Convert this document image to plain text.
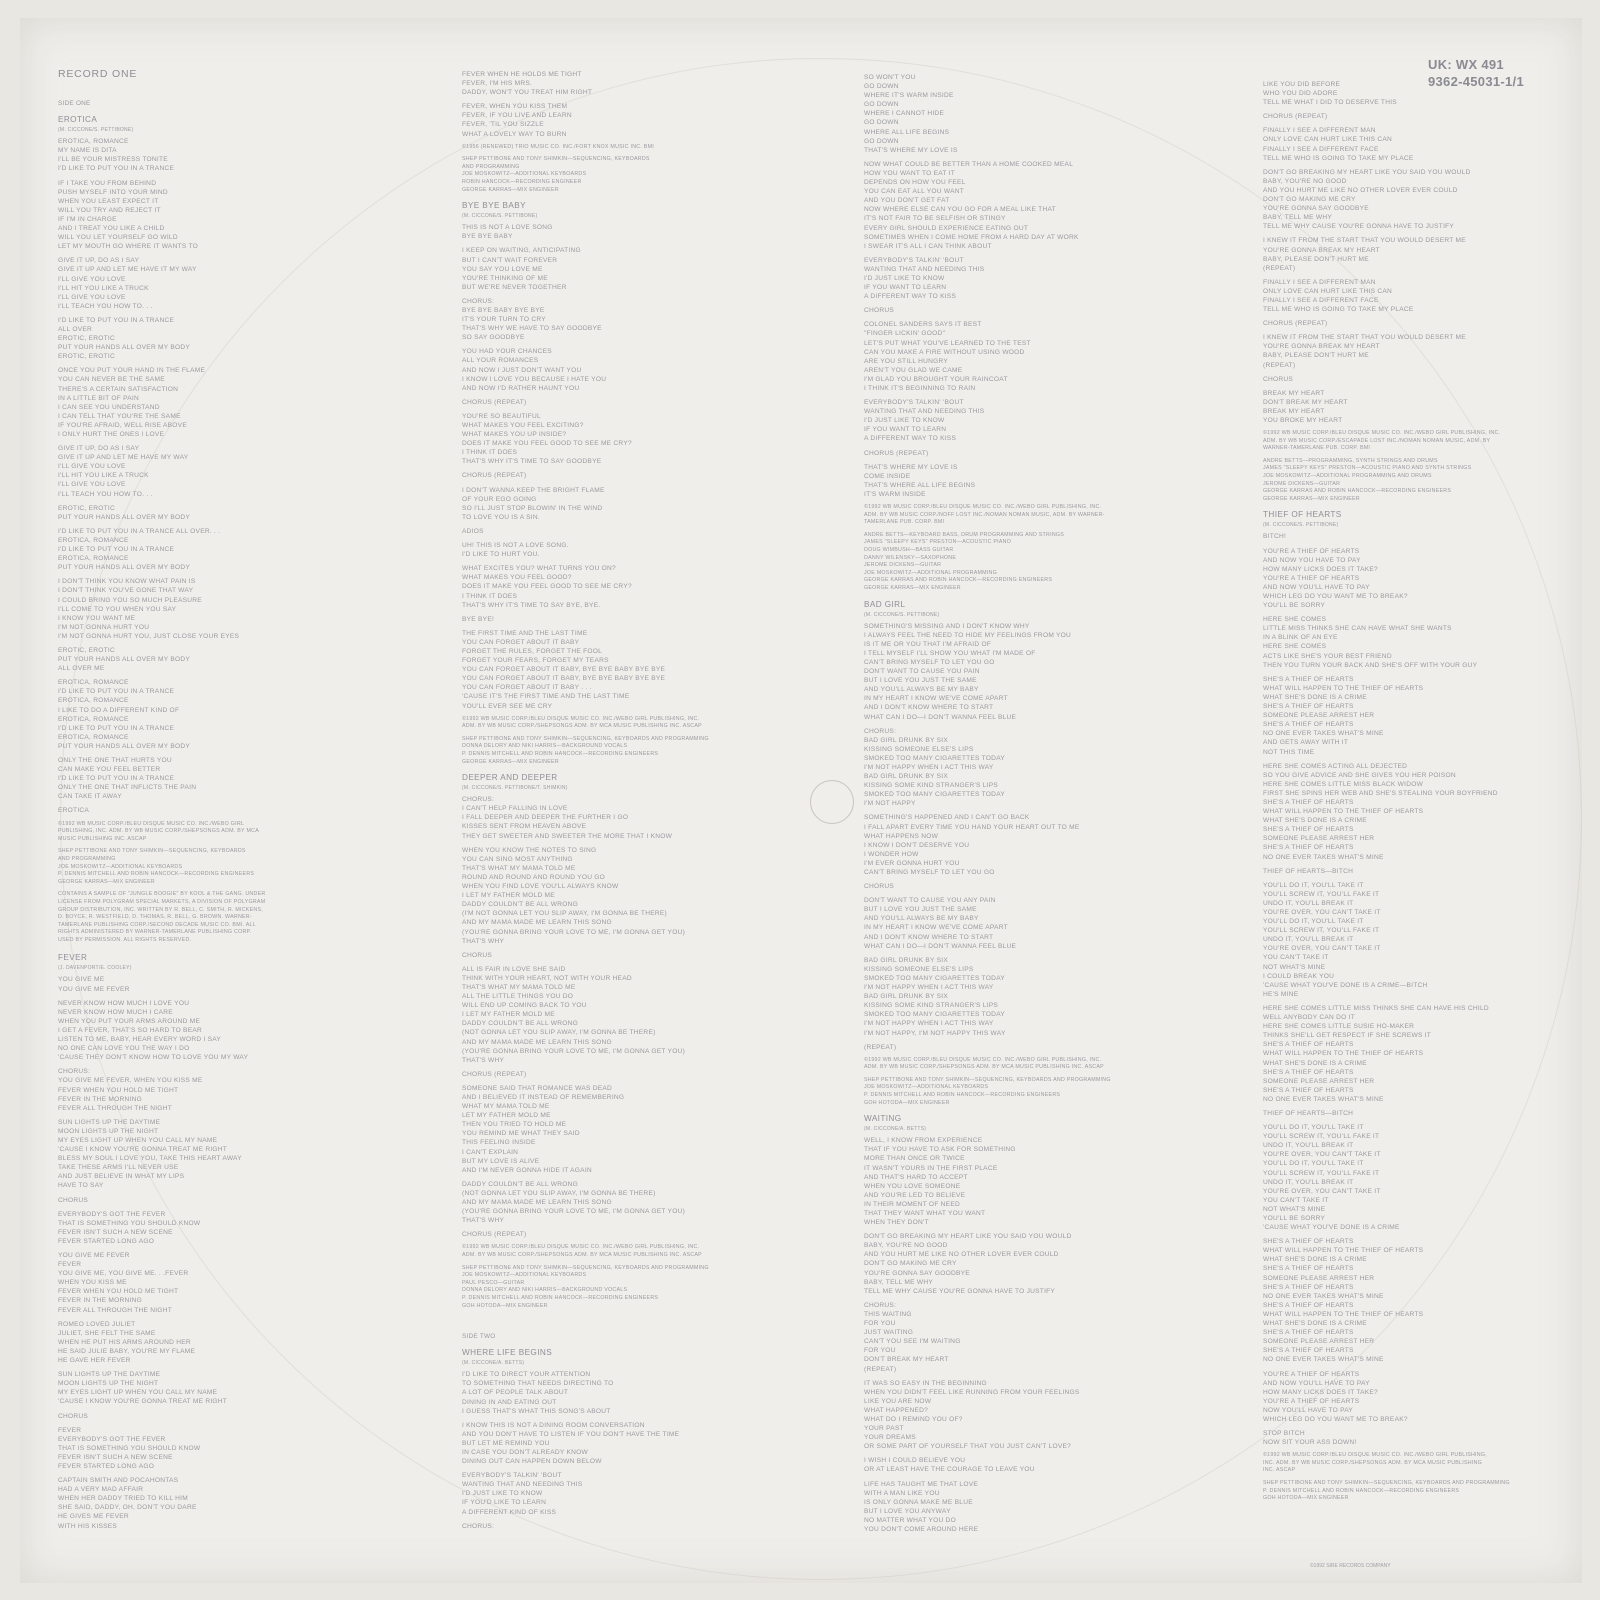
UK: WX 491
9362-45031-1/1
RECORD ONE
SIDE ONE
EROTICA
(M. CICCONE/S. PETTIBONE)

EROTICA, ROMANCE
MY NAME IS DITA
I'LL BE YOUR MISTRESS TONITE
I'D LIKE TO PUT YOU IN A TRANCE

IF I TAKE YOU FROM BEHIND
PUSH MYSELF INTO YOUR MIND
WHEN YOU LEAST EXPECT IT
WILL YOU TRY AND REJECT IT
IF I'M IN CHARGE
AND I TREAT YOU LIKE A CHILD
WILL YOU LET YOURSELF GO WILD
LET MY MOUTH GO WHERE IT WANTS TO

GIVE IT UP, DO AS I SAY
GIVE IT UP AND LET ME HAVE IT MY WAY
I'LL GIVE YOU LOVE
I'LL HIT YOU LIKE A TRUCK
I'LL GIVE YOU LOVE
I'LL TEACH YOU HOW TO. . .

I'D LIKE TO PUT YOU IN A TRANCE
ALL OVER
EROTIC, EROTIC
PUT YOUR HANDS ALL OVER MY BODY
EROTIC, EROTIC

ONCE YOU PUT YOUR HAND IN THE FLAME
YOU CAN NEVER BE THE SAME
THERE'S A CERTAIN SATISFACTION
IN A LITTLE BIT OF PAIN
I CAN SEE YOU UNDERSTAND
I CAN TELL THAT YOU'RE THE SAME
IF YOU'RE AFRAID, WELL RISE ABOVE
I ONLY HURT THE ONES I LOVE

GIVE IT UP, DO AS I SAY
GIVE IT UP AND LET ME HAVE MY WAY
I'LL GIVE YOU LOVE
I'LL HIT YOU LIKE A TRUCK
I'LL GIVE YOU LOVE
I'LL TEACH YOU HOW TO. . .

EROTIC, EROTIC
PUT YOUR HANDS ALL OVER MY BODY

I'D LIKE TO PUT YOU IN A TRANCE ALL OVER. . .
EROTICA, ROMANCE
I'D LIKE TO PUT YOU IN A TRANCE
EROTICA, ROMANCE
PUT YOUR HANDS ALL OVER MY BODY

I DON'T THINK YOU KNOW WHAT PAIN IS
I DON'T THINK YOU'VE GONE THAT WAY
I COULD BRING YOU SO MUCH PLEASURE
I'LL COME TO YOU WHEN YOU SAY
I KNOW YOU WANT ME
I'M NOT GONNA HURT YOU
I'M NOT GONNA HURT YOU, JUST CLOSE YOUR EYES

EROTIC, EROTIC
PUT YOUR HANDS ALL OVER MY BODY
ALL OVER ME

EROTICA, ROMANCE
I'D LIKE TO PUT YOU IN A TRANCE
EROTICA, ROMANCE
I LIKE TO DO A DIFFERENT KIND OF
EROTICA, ROMANCE
I'D LIKE TO PUT YOU IN A TRANCE
EROTICA, ROMANCE
PUT YOUR HANDS ALL OVER MY BODY

ONLY THE ONE THAT HURTS YOU
CAN MAKE YOU FEEL BETTER
I'D LIKE TO PUT YOU IN A TRANCE
ONLY THE ONE THAT INFLICTS THE PAIN
CAN TAKE IT AWAY

EROTICA

©1992 WB MUSIC CORP./BLEU DISQUE MUSIC CO. INC./WEBO GIRL
PUBLISHING, INC. ADM. BY WB MUSIC CORP./SHEPSONGS ADM. BY MCA
MUSIC PUBLISHING INC. ASCAP

SHEP PETTIBONE AND TONY SHIMKIN—SEQUENCING, KEYBOARDS
AND PROGRAMMING
JOE MOSKOWITZ—ADDITIONAL KEYBOARDS
P. DENNIS MITCHELL AND ROBIN HANCOCK—RECORDING ENGINEERS
GEORGE KARRAS—MIX ENGINEER

CONTAINS A SAMPLE OF "JUNGLE BOOGIE" BY KOOL & THE GANG. UNDER
LICENSE FROM POLYGRAM SPECIAL MARKETS, A DIVISION OF POLYGRAM
GROUP DISTRIBUTION, INC. WRITTEN BY R. BELL, C. SMITH, R. MICKENS,
D. BOYCE, R. WESTFIELD, D. THOMAS, R. BELL, G. BROWN. WARNER-
TAMERLANE PUBLISHING CORP./SECOND DECADE MUSIC CO. BMI. ALL
RIGHTS ADMINISTERED BY WARNER-TAMERLANE PUBLISHING CORP.
USED BY PERMISSION. ALL RIGHTS RESERVED.

FEVER
(J. DAVENPORT/E. COOLEY)

YOU GIVE ME
YOU GIVE ME FEVER

NEVER KNOW HOW MUCH I LOVE YOU
NEVER KNOW HOW MUCH I CARE
WHEN YOU PUT YOUR ARMS AROUND ME
I GET A FEVER, THAT'S SO HARD TO BEAR
LISTEN TO ME, BABY, HEAR EVERY WORD I SAY
NO ONE CAN LOVE YOU THE WAY I DO
'CAUSE THEY DON'T KNOW HOW TO LOVE YOU MY WAY

CHORUS:
YOU GIVE ME FEVER, WHEN YOU KISS ME
FEVER WHEN YOU HOLD ME TIGHT
FEVER IN THE MORNING
FEVER ALL THROUGH THE NIGHT

SUN LIGHTS UP THE DAYTIME
MOON LIGHTS UP THE NIGHT
MY EYES LIGHT UP WHEN YOU CALL MY NAME
'CAUSE I KNOW YOU'RE GONNA TREAT ME RIGHT
BLESS MY SOUL I LOVE YOU, TAKE THIS HEART AWAY
TAKE THESE ARMS I'LL NEVER USE
AND JUST BELIEVE IN WHAT MY LIPS
HAVE TO SAY

CHORUS

EVERYBODY'S GOT THE FEVER
THAT IS SOMETHING YOU SHOULD KNOW
FEVER ISN'T SUCH A NEW SCENE
FEVER STARTED LONG AGO

YOU GIVE ME FEVER
FEVER
YOU GIVE ME, YOU GIVE ME. . .FEVER
WHEN YOU KISS ME
FEVER WHEN YOU HOLD ME TIGHT
FEVER IN THE MORNING
FEVER ALL THROUGH THE NIGHT

ROMEO LOVED JULIET
JULIET, SHE FELT THE SAME
WHEN HE PUT HIS ARMS AROUND HER
HE SAID JULIE BABY, YOU'RE MY FLAME
HE GAVE HER FEVER

SUN LIGHTS UP THE DAYTIME
MOON LIGHTS UP THE NIGHT
MY EYES LIGHT UP WHEN YOU CALL MY NAME
'CAUSE I KNOW YOU'RE GONNA TREAT ME RIGHT

CHORUS

FEVER
EVERYBODY'S GOT THE FEVER
THAT IS SOMETHING YOU SHOULD KNOW
FEVER ISN'T SUCH A NEW SCENE
FEVER STARTED LONG AGO

CAPTAIN SMITH AND POCAHONTAS
HAD A VERY MAD AFFAIR
WHEN HER DADDY TRIED TO KILL HIM
SHE SAID, DADDY, OH, DON'T YOU DARE
HE GIVES ME FEVER
WITH HIS KISSES

FEVER WHEN HE HOLDS ME TIGHT
FEVER, I'M HIS MRS.
DADDY, WON'T YOU TREAT HIM RIGHT

FEVER, WHEN YOU KISS THEM
FEVER, IF YOU LIVE AND LEARN
FEVER, 'TIL YOU SIZZLE
WHAT A LOVELY WAY TO BURN

©1956 (RENEWED) TRIO MUSIC CO. INC./FORT KNOX MUSIC INC. BMI

SHEP PETTIBONE AND TONY SHIMKIN—SEQUENCING, KEYBOARDS
AND PROGRAMMING
JOE MOSKOWITZ—ADDITIONAL KEYBOARDS
ROBIN HANCOCK—RECORDING ENGINEER
GEORGE KARRAS—MIX ENGINEER

BYE BYE BABY
(M. CICCONE/S. PETTIBONE)

THIS IS NOT A LOVE SONG
BYE BYE BABY

I KEEP ON WAITING, ANTICIPATING
BUT I CAN'T WAIT FOREVER
YOU SAY YOU LOVE ME
YOU'RE THINKING OF ME
BUT WE'RE NEVER TOGETHER

CHORUS:
BYE BYE BABY BYE BYE
IT'S YOUR TURN TO CRY
THAT'S WHY WE HAVE TO SAY GOODBYE
SO SAY GOODBYE

YOU HAD YOUR CHANCES
ALL YOUR ROMANCES
AND NOW I JUST DON'T WANT YOU
I KNOW I LOVE YOU BECAUSE I HATE YOU
AND NOW I'D RATHER HAUNT YOU

CHORUS (REPEAT)

YOU'RE SO BEAUTIFUL
WHAT MAKES YOU FEEL EXCITING?
WHAT MAKES YOU UP INSIDE?
DOES IT MAKE YOU FEEL GOOD TO SEE ME CRY?
I THINK IT DOES
THAT'S WHY IT'S TIME TO SAY GOODBYE

CHORUS (REPEAT)

I DON'T WANNA KEEP THE BRIGHT FLAME
OF YOUR EGO GOING
SO I'LL JUST STOP BLOWIN' IN THE WIND
TO LOVE YOU IS A SIN.

ADIOS

UH! THIS IS NOT A LOVE SONG.
I'D LIKE TO HURT YOU.

WHAT EXCITES YOU? WHAT TURNS YOU ON?
WHAT MAKES YOU FEEL GOOD?
DOES IT MAKE YOU FEEL GOOD TO SEE ME CRY?
I THINK IT DOES
THAT'S WHY IT'S TIME TO SAY BYE, BYE.

BYE BYE!

THE FIRST TIME AND THE LAST TIME
YOU CAN FORGET ABOUT IT BABY
FORGET THE RULES, FORGET THE FOOL
FORGET YOUR FEARS, FORGET MY TEARS
YOU CAN FORGET ABOUT IT BABY, BYE BYE BABY BYE BYE
YOU CAN FORGET ABOUT IT BABY, BYE BYE BABY BYE BYE
YOU CAN FORGET ABOUT IT BABY . . .
'CAUSE IT'S THE FIRST TIME AND THE LAST TIME
YOU'LL EVER SEE ME CRY

©1992 WB MUSIC CORP./BLEU DISQUE MUSIC CO. INC./WEBO GIRL PUBLISHING, INC.
ADM. BY WB MUSIC CORP./SHEPSONGS ADM. BY MCA MUSIC PUBLISHING INC. ASCAP

SHEP PETTIBONE AND TONY SHIMKIN—SEQUENCING, KEYBOARDS AND PROGRAMMING
DONNA DELORY AND NIKI HARRIS—BACKGROUND VOCALS
P. DENNIS MITCHELL AND ROBIN HANCOCK—RECORDING ENGINEERS
GEORGE KARRAS—MIX ENGINEER

DEEPER AND DEEPER
(M. CICCONE/S. PETTIBONE/T. SHIMKIN)

CHORUS:
I CAN'T HELP FALLING IN LOVE
I FALL DEEPER AND DEEPER THE FURTHER I GO
KISSES SENT FROM HEAVEN ABOVE
THEY GET SWEETER AND SWEETER THE MORE THAT I KNOW

WHEN YOU KNOW THE NOTES TO SING
YOU CAN SING MOST ANYTHING
THAT'S WHAT MY MAMA TOLD ME
ROUND AND ROUND AND ROUND YOU GO
WHEN YOU FIND LOVE YOU'LL ALWAYS KNOW
I LET MY FATHER MOLD ME
DADDY COULDN'T BE ALL WRONG
(I'M NOT GONNA LET YOU SLIP AWAY, I'M GONNA BE THERE)
AND MY MAMA MADE ME LEARN THIS SONG
(YOU'RE GONNA BRING YOUR LOVE TO ME, I'M GONNA GET YOU)
THAT'S WHY

CHORUS

ALL IS FAIR IN LOVE SHE SAID
THINK WITH YOUR HEART, NOT WITH YOUR HEAD
THAT'S WHAT MY MAMA TOLD ME
ALL THE LITTLE THINGS YOU DO
WILL END UP COMING BACK TO YOU
I LET MY FATHER MOLD ME
DADDY COULDN'T BE ALL WRONG
(NOT GONNA LET YOU SLIP AWAY, I'M GONNA BE THERE)
AND MY MAMA MADE ME LEARN THIS SONG
(YOU'RE GONNA BRING YOUR LOVE TO ME, I'M GONNA GET YOU)
THAT'S WHY

CHORUS (REPEAT)

SOMEONE SAID THAT ROMANCE WAS DEAD
AND I BELIEVED IT INSTEAD OF REMEMBERING
WHAT MY MAMA TOLD ME
LET MY FATHER MOLD ME
THEN YOU TRIED TO HOLD ME
YOU REMIND ME WHAT THEY SAID
THIS FEELING INSIDE
I CAN'T EXPLAIN
BUT MY LOVE IS ALIVE
AND I'M NEVER GONNA HIDE IT AGAIN

DADDY COULDN'T BE ALL WRONG
(NOT GONNA LET YOU SLIP AWAY, I'M GONNA BE THERE)
AND MY MAMA MADE ME LEARN THIS SONG
(YOU'RE GONNA BRING YOUR LOVE TO ME, I'M GONNA GET YOU)
THAT'S WHY

CHORUS (REPEAT)

©1992 WB MUSIC CORP./BLEU DISQUE MUSIC CO. INC./WEBO GIRL PUBLISHING, INC.
ADM. BY WB MUSIC CORP./SHEPSONGS ADM. BY MCA MUSIC PUBLISHING INC. ASCAP

SHEP PETTIBONE AND TONY SHIMKIN—SEQUENCING, KEYBOARDS AND PROGRAMMING
JOE MOSKOWITZ—ADDITIONAL KEYBOARDS
PAUL PESCO—GUITAR
DONNA DELORY AND NIKI HARRIS—BACKGROUND VOCALS
P. DENNIS MITCHELL AND ROBIN HANCOCK—RECORDING ENGINEERS
GOH HOTODA—MIX ENGINEER

SIDE TWO
WHERE LIFE BEGINS
(M. CICCONE/A. BETTS)

I'D LIKE TO DIRECT YOUR ATTENTION
TO SOMETHING THAT NEEDS DIRECTING TO
A LOT OF PEOPLE TALK ABOUT
DINING IN AND EATING OUT
I GUESS THAT'S WHAT THIS SONG'S ABOUT

I KNOW THIS IS NOT A DINING ROOM CONVERSATION
AND YOU DON'T HAVE TO LISTEN IF YOU DON'T HAVE THE TIME
BUT LET ME REMIND YOU
IN CASE YOU DON'T ALREADY KNOW
DINING OUT CAN HAPPEN DOWN BELOW

EVERYBODY'S TALKIN' 'BOUT
WANTING THAT AND NEEDING THIS
I'D JUST LIKE TO KNOW
IF YOU'D LIKE TO LEARN
A DIFFERENT KIND OF KISS

CHORUS:

SO WON'T YOU
GO DOWN
WHERE IT'S WARM INSIDE
GO DOWN
WHERE I CANNOT HIDE
GO DOWN
WHERE ALL LIFE BEGINS
GO DOWN
THAT'S WHERE MY LOVE IS

NOW WHAT COULD BE BETTER THAN A HOME COOKED MEAL
HOW YOU WANT TO EAT IT
DEPENDS ON HOW YOU FEEL
YOU CAN EAT ALL YOU WANT
AND YOU DON'T GET FAT
NOW WHERE ELSE CAN YOU GO FOR A MEAL LIKE THAT
IT'S NOT FAIR TO BE SELFISH OR STINGY
EVERY GIRL SHOULD EXPERIENCE EATING OUT
SOMETIMES WHEN I COME HOME FROM A HARD DAY AT WORK
I SWEAR IT'S ALL I CAN THINK ABOUT

EVERYBODY'S TALKIN' 'BOUT
WANTING THAT AND NEEDING THIS
I'D JUST LIKE TO KNOW
IF YOU WANT TO LEARN
A DIFFERENT WAY TO KISS

CHORUS

COLONEL SANDERS SAYS IT BEST
"FINGER LICKIN' GOOD"
LET'S PUT WHAT YOU'VE LEARNED TO THE TEST
CAN YOU MAKE A FIRE WITHOUT USING WOOD
ARE YOU STILL HUNGRY
AREN'T YOU GLAD WE CAME
I'M GLAD YOU BROUGHT YOUR RAINCOAT
I THINK IT'S BEGINNING TO RAIN

EVERYBODY'S TALKIN' 'BOUT
WANTING THAT AND NEEDING THIS
I'D JUST LIKE TO KNOW
IF YOU WANT TO LEARN
A DIFFERENT WAY TO KISS

CHORUS (REPEAT)

THAT'S WHERE MY LOVE IS
COME INSIDE
THAT'S WHERE ALL LIFE BEGINS
IT'S WARM INSIDE

©1992 WB MUSIC CORP./BLEU DISQUE MUSIC CO. INC./WEBO GIRL PUBLISHING, INC.
ADM. BY WB MUSIC CORP./NOFF LOST INC./NOMAN NOMAN MUSIC, ADM. BY WARNER-
TAMERLANE PUB. CORP. BMI

ANDRE BETTS—KEYBOARD BASS, DRUM PROGRAMMING AND STRINGS
JAMES "SLEEPY KEYS" PRESTON—ACOUSTIC PIANO
DOUG WIMBUSH—BASS GUITAR
DANNY WILENSKY—SAXOPHONE
JEROME DICKENS—GUITAR
JOE MOSKOWITZ—ADDITIONAL PROGRAMMING
GEORGE KARRAS AND ROBIN HANCOCK—RECORDING ENGINEERS
GEORGE KARRAS—MIX ENGINEER

BAD GIRL
(M. CICCONE/S. PETTIBONE)

SOMETHING'S MISSING AND I DON'T KNOW WHY
I ALWAYS FEEL THE NEED TO HIDE MY FEELINGS FROM YOU
IS IT ME OR YOU THAT I'M AFRAID OF
I TELL MYSELF I'LL SHOW YOU WHAT I'M MADE OF
CAN'T BRING MYSELF TO LET YOU GO
DON'T WANT TO CAUSE YOU PAIN
BUT I LOVE YOU JUST THE SAME
AND YOU'LL ALWAYS BE MY BABY
IN MY HEART I KNOW WE'VE COME APART
AND I DON'T KNOW WHERE TO START
WHAT CAN I DO—I DON'T WANNA FEEL BLUE

CHORUS:
BAD GIRL DRUNK BY SIX
KISSING SOMEONE ELSE'S LIPS
SMOKED TOO MANY CIGARETTES TODAY
I'M NOT HAPPY WHEN I ACT THIS WAY
BAD GIRL DRUNK BY SIX
KISSING SOME KIND STRANGER'S LIPS
SMOKED TOO MANY CIGARETTES TODAY
I'M NOT HAPPY

SOMETHING'S HAPPENED AND I CAN'T GO BACK
I FALL APART EVERY TIME YOU HAND YOUR HEART OUT TO ME
WHAT HAPPENS NOW
I KNOW I DON'T DESERVE YOU
I WONDER HOW
I'M EVER GONNA HURT YOU
CAN'T BRING MYSELF TO LET YOU GO

CHORUS

DON'T WANT TO CAUSE YOU ANY PAIN
BUT I LOVE YOU JUST THE SAME
AND YOU'LL ALWAYS BE MY BABY
IN MY HEART I KNOW WE'VE COME APART
AND I DON'T KNOW WHERE TO START
WHAT CAN I DO—I DON'T WANNA FEEL BLUE

BAD GIRL DRUNK BY SIX
KISSING SOMEONE ELSE'S LIPS
SMOKED TOO MANY CIGARETTES TODAY
I'M NOT HAPPY WHEN I ACT THIS WAY
BAD GIRL DRUNK BY SIX
KISSING SOME KIND STRANGER'S LIPS
SMOKED TOO MANY CIGARETTES TODAY
I'M NOT HAPPY WHEN I ACT THIS WAY
I'M NOT HAPPY, I'M NOT HAPPY THIS WAY

(REPEAT)

©1992 WB MUSIC CORP./BLEU DISQUE MUSIC CO. INC./WEBO GIRL PUBLISHING, INC.
ADM. BY WB MUSIC CORP./SHEPSONGS ADM. BY MCA MUSIC PUBLISHING INC. ASCAP

SHEP PETTIBONE AND TONY SHIMKIN—SEQUENCING, KEYBOARDS AND PROGRAMMING
JOE MOSKOWITZ—ADDITIONAL KEYBOARDS
P. DENNIS MITCHELL AND ROBIN HANCOCK—RECORDING ENGINEERS
GOH HOTODA—MIX ENGINEER

WAITING
(M. CICCONE/A. BETTS)

WELL, I KNOW FROM EXPERIENCE
THAT IF YOU HAVE TO ASK FOR SOMETHING
MORE THAN ONCE OR TWICE
IT WASN'T YOURS IN THE FIRST PLACE
AND THAT'S HARD TO ACCEPT
WHEN YOU LOVE SOMEONE
AND YOU'RE LED TO BELIEVE
IN THEIR MOMENT OF NEED
THAT THEY WANT WHAT YOU WANT
WHEN THEY DON'T

DON'T GO BREAKING MY HEART LIKE YOU SAID YOU WOULD
BABY, YOU'RE NO GOOD
AND YOU HURT ME LIKE NO OTHER LOVER EVER COULD
DON'T GO MAKING ME CRY
YOU'RE GONNA SAY GOODBYE
BABY, TELL ME WHY
TELL ME WHY CAUSE YOU'RE GONNA HAVE TO JUSTIFY

CHORUS:
THIS WAITING
FOR YOU
JUST WAITING
CAN'T YOU SEE I'M WAITING
FOR YOU
DON'T BREAK MY HEART
(REPEAT)

IT WAS SO EASY IN THE BEGINNING
WHEN YOU DIDN'T FEEL LIKE RUNNING FROM YOUR FEELINGS
LIKE YOU ARE NOW
WHAT HAPPENED?
WHAT DO I REMIND YOU OF?
YOUR PAST
YOUR DREAMS
OR SOME PART OF YOURSELF THAT YOU JUST CAN'T LOVE?

I WISH I COULD BELIEVE YOU
OR AT LEAST HAVE THE COURAGE TO LEAVE YOU

LIFE HAS TAUGHT ME THAT LOVE
WITH A MAN LIKE YOU
IS ONLY GONNA MAKE ME BLUE
BUT I LOVE YOU ANYWAY
NO MATTER WHAT YOU DO
YOU DON'T COME AROUND HERE

LIKE YOU DID BEFORE
WHO YOU DID ADORE
TELL ME WHAT I DID TO DESERVE THIS

CHORUS (REPEAT)

FINALLY I SEE A DIFFERENT MAN
ONLY LOVE CAN HURT LIKE THIS CAN
FINALLY I SEE A DIFFERENT FACE
TELL ME WHO IS GOING TO TAKE MY PLACE

DON'T GO BREAKING MY HEART LIKE YOU SAID YOU WOULD
BABY, YOU'RE NO GOOD
AND YOU HURT ME LIKE NO OTHER LOVER EVER COULD
DON'T GO MAKING ME CRY
YOU'RE GONNA SAY GOODBYE
BABY, TELL ME WHY
TELL ME WHY CAUSE YOU'RE GONNA HAVE TO JUSTIFY

I KNEW IT FROM THE START THAT YOU WOULD DESERT ME
YOU'RE GONNA BREAK MY HEART
BABY, PLEASE DON'T HURT ME
(REPEAT)

FINALLY I SEE A DIFFERENT MAN
ONLY LOVE CAN HURT LIKE THIS CAN
FINALLY I SEE A DIFFERENT FACE
TELL ME WHO IS GOING TO TAKE MY PLACE

CHORUS (REPEAT)

I KNEW IT FROM THE START THAT YOU WOULD DESERT ME
YOU'RE GONNA BREAK MY HEART
BABY, PLEASE DON'T HURT ME
(REPEAT)

CHORUS

BREAK MY HEART
DON'T BREAK MY HEART
BREAK MY HEART
YOU BROKE MY HEART

©1992 WB MUSIC CORP./BLEU DISQUE MUSIC CO. INC./WEBO GIRL PUBLISHING, INC.
ADM. BY WB MUSIC CORP./ESCAPADE LOST INC./NOMAN NOMAN MUSIC, ADM. BY
WARNER-TAMERLANE PUB. CORP. BMI

ANDRE BETTS—PROGRAMMING, SYNTH STRINGS AND DRUMS
JAMES "SLEEPY KEYS" PRESTON—ACOUSTIC PIANO AND SYNTH STRINGS
JOE MOSKOWITZ—ADDITIONAL PROGRAMMING AND DRUMS
JEROME DICKENS—GUITAR
GEORGE KARRAS AND ROBIN HANCOCK—RECORDING ENGINEERS
GEORGE KARRAS—MIX ENGINEER

THIEF OF HEARTS
(M. CICCONE/S. PETTIBONE)

BITCH!

YOU'RE A THIEF OF HEARTS
AND NOW YOU HAVE TO PAY
HOW MANY LICKS DOES IT TAKE?
YOU'RE A THIEF OF HEARTS
AND NOW YOU'LL HAVE TO PAY
WHICH LEG DO YOU WANT ME TO BREAK?
YOU'LL BE SORRY

HERE SHE COMES
LITTLE MISS THINKS SHE CAN HAVE WHAT SHE WANTS
IN A BLINK OF AN EYE
HERE SHE COMES
ACTS LIKE SHE'S YOUR BEST FRIEND
THEN YOU TURN YOUR BACK AND SHE'S OFF WITH YOUR GUY

SHE'S A THIEF OF HEARTS
WHAT WILL HAPPEN TO THE THIEF OF HEARTS
WHAT SHE'S DONE IS A CRIME
SHE'S A THIEF OF HEARTS
SOMEONE PLEASE ARREST HER
SHE'S A THIEF OF HEARTS
NO ONE EVER TAKES WHAT'S MINE
AND GETS AWAY WITH IT
NOT THIS TIME

HERE SHE COMES ACTING ALL DEJECTED
SO YOU GIVE ADVICE AND SHE GIVES YOU HER POISON
HERE SHE COMES LITTLE MISS BLACK WIDOW
FIRST SHE SPINS HER WEB AND SHE'S STEALING YOUR BOYFRIEND
SHE'S A THIEF OF HEARTS
WHAT WILL HAPPEN TO THE THIEF OF HEARTS
WHAT SHE'S DONE IS A CRIME
SHE'S A THIEF OF HEARTS
SOMEONE PLEASE ARREST HER
SHE'S A THIEF OF HEARTS
NO ONE EVER TAKES WHAT'S MINE

THIEF OF HEARTS—BITCH

YOU'LL DO IT, YOU'LL TAKE IT
YOU'LL SCREW IT, YOU'LL FAKE IT
UNDO IT, YOU'LL BREAK IT
YOU'RE OVER, YOU CAN'T TAKE IT
YOU'LL DO IT, YOU'LL TAKE IT
YOU'LL SCREW IT, YOU'LL FAKE IT
UNDO IT, YOU'LL BREAK IT
YOU'RE OVER, YOU CAN'T TAKE IT
YOU CAN'T TAKE IT
NOT WHAT'S MINE
I COULD BREAK YOU
'CAUSE WHAT YOU'VE DONE IS A CRIME—BITCH
HE'S MINE

HERE SHE COMES LITTLE MISS THINKS SHE CAN HAVE HIS CHILD
WELL ANYBODY CAN DO IT
HERE SHE COMES LITTLE SUSIE HO-MAKER
THINKS SHE'LL GET RESPECT IF SHE SCREWS IT
SHE'S A THIEF OF HEARTS
WHAT WILL HAPPEN TO THE THIEF OF HEARTS
WHAT SHE'S DONE IS A CRIME
SHE'S A THIEF OF HEARTS
SOMEONE PLEASE ARREST HER
SHE'S A THIEF OF HEARTS
NO ONE EVER TAKES WHAT'S MINE

THIEF OF HEARTS—BITCH

YOU'LL DO IT, YOU'LL TAKE IT
YOU'LL SCREW IT, YOU'LL FAKE IT
UNDO IT, YOU'LL BREAK IT
YOU'RE OVER, YOU CAN'T TAKE IT
YOU'LL DO IT, YOU'LL TAKE IT
YOU'LL SCREW IT, YOU'LL FAKE IT
UNDO IT, YOU'LL BREAK IT
YOU'RE OVER, YOU CAN'T TAKE IT
YOU CAN'T TAKE IT
NOT WHAT'S MINE
YOU'LL BE SORRY
'CAUSE WHAT YOU'VE DONE IS A CRIME

SHE'S A THIEF OF HEARTS
WHAT WILL HAPPEN TO THE THIEF OF HEARTS
WHAT SHE'S DONE IS A CRIME
SHE'S A THIEF OF HEARTS
SOMEONE PLEASE ARREST HER
SHE'S A THIEF OF HEARTS
NO ONE EVER TAKES WHAT'S MINE
SHE'S A THIEF OF HEARTS
WHAT WILL HAPPEN TO THE THIEF OF HEARTS
WHAT SHE'S DONE IS A CRIME
SHE'S A THIEF OF HEARTS
SOMEONE PLEASE ARREST HER
SHE'S A THIEF OF HEARTS
NO ONE EVER TAKES WHAT'S MINE

YOU'RE A THIEF OF HEARTS
AND NOW YOU'LL HAVE TO PAY
HOW MANY LICKS DOES IT TAKE?
YOU'RE A THIEF OF HEARTS
NOW YOU'LL HAVE TO PAY
WHICH LEG DO YOU WANT ME TO BREAK?

STOP BITCH
NOW SIT YOUR ASS DOWN!

©1992 WB MUSIC CORP./BLEU DISQUE MUSIC CO. INC./WEBO GIRL PUBLISHING,
INC. ADM. BY WB MUSIC CORP./SHEPSONGS ADM. BY MCA MUSIC PUBLISHING
INC. ASCAP

SHEP PETTIBONE AND TONY SHIMKIN—SEQUENCING, KEYBOARDS AND PROGRAMMING
P. DENNIS MITCHELL AND ROBIN HANCOCK—RECORDING ENGINEERS
GOH HOTODA—MIX ENGINEER

©1992 SIRE RECORDS COMPANY
